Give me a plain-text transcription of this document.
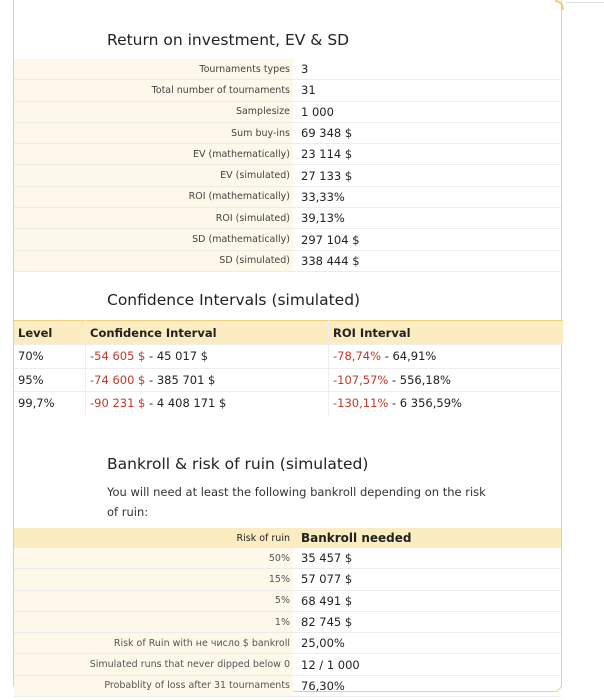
Return on investment, EV & SD
Tournaments types	3
Total number of tournaments	31
Samplesize	1 000
Sum buy-ins	69 348 $
EV (mathematically)	23 114 $
EV (simulated)	27 133 $
ROI (mathematically)	33,33%
ROI (simulated)	39,13%
SD (mathematically)	297 104 $
SD (simulated)	338 444 $
Confidence Intervals (simulated)
Level	Confidence Interval	ROI Interval
70%	-54 605 $ - 45 017 $	-78,74% - 64,91%
95%	-74 600 $ - 385 701 $	-107,57% - 556,18%
99,7%	-90 231 $ - 4 408 171 $	-130,11% - 6 356,59%
Bankroll & risk of ruin (simulated)

You will need at least the following bankroll depending on the risk of ruin:

Risk of ruin	Bankroll needed
50%	35 457 $
15%	57 077 $
5%	68 491 $
1%	82 745 $
Risk of Ruin with не число $ bankroll	25,00%
Simulated runs that never dipped below 0	12 / 1 000
Probablity of loss after 31 tournaments	76,30%
